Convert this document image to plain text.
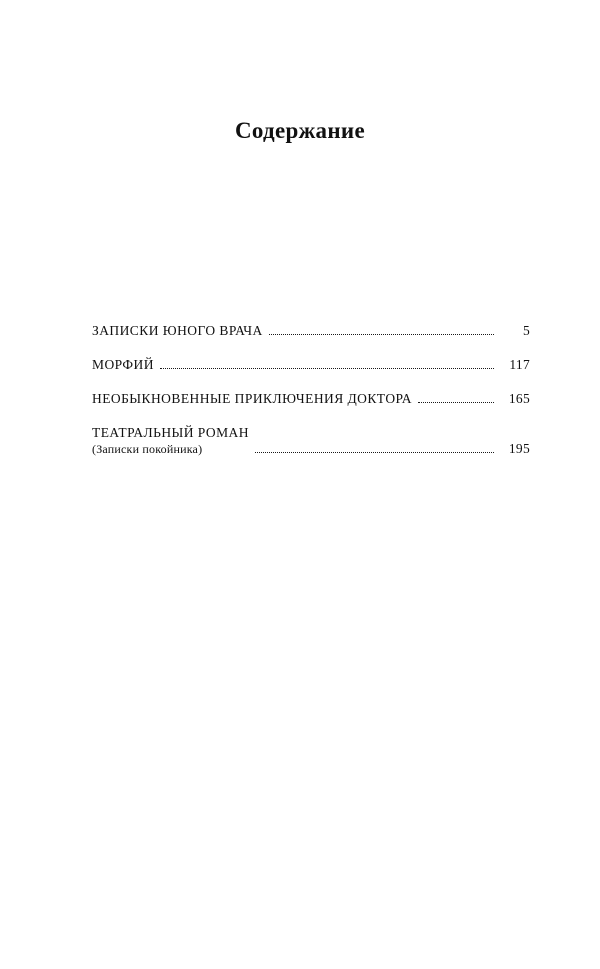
Содержание
ЗАПИСКИ ЮНОГО ВРАЧА	5
МОРФИЙ	117
НЕОБЫКНОВЕННЫЕ ПРИКЛЮЧЕНИЯ ДОКТОРА	165
ТЕАТРАЛЬНЫЙ РОМАН
(Записки покойника)	195
